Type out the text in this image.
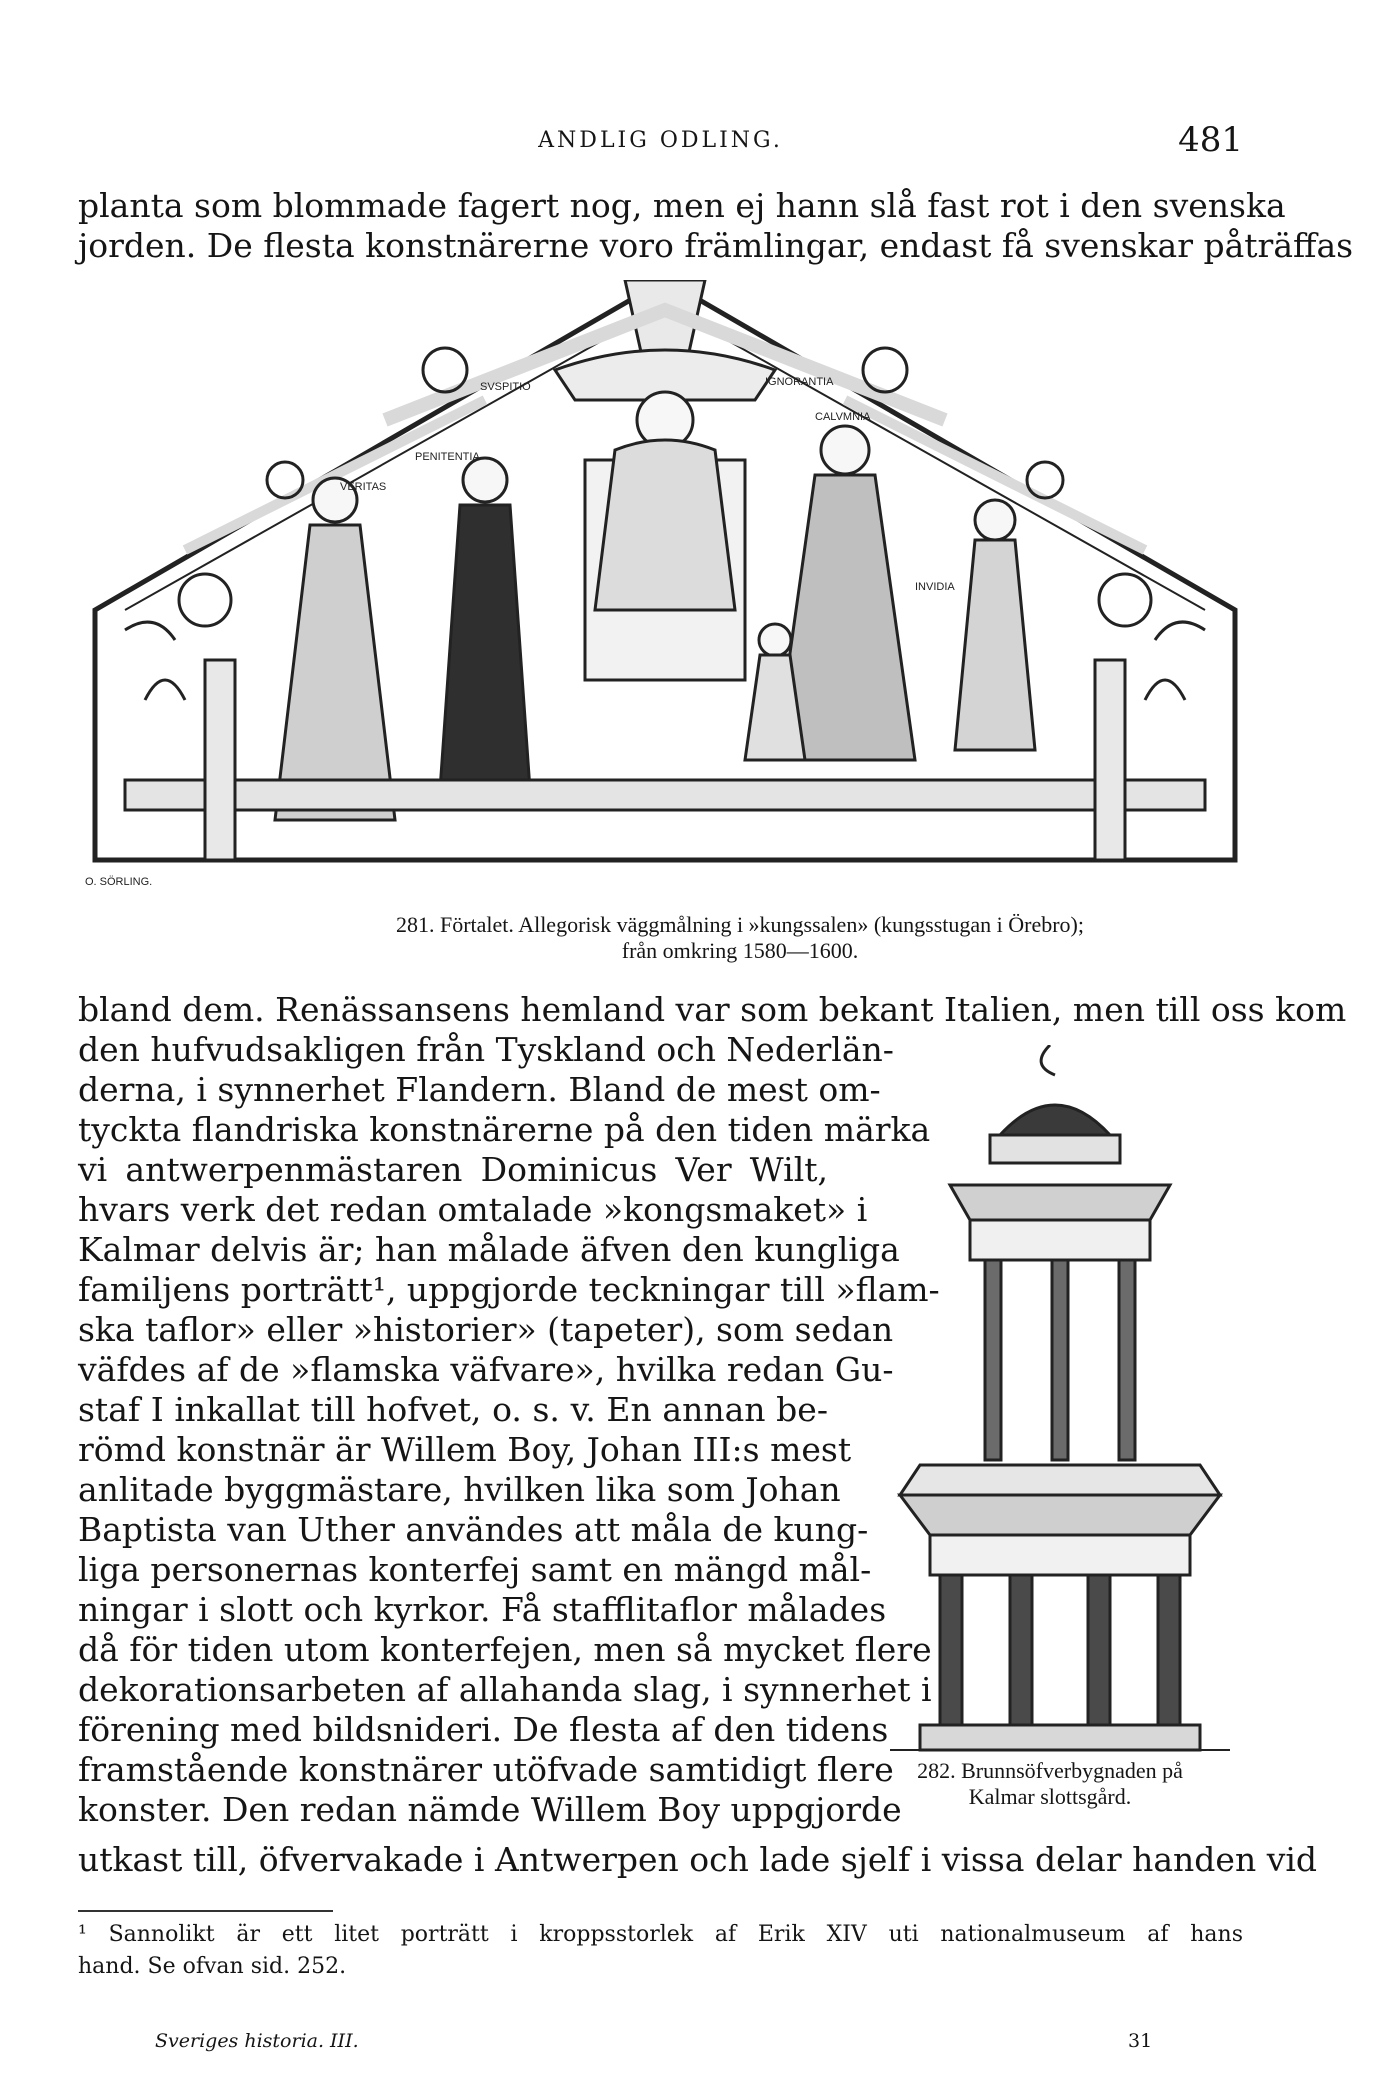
ANDLIG ODLING.	481
planta som blommade fagert nog, men ej hann slå fast rot i den svenska
jorden. De flesta konstnärerne voro främlingar, endast få svenskar påträffas
PENITENTIA
VERITAS
SVSPITIO	IGNORANTIA
INVIDIA
CALVMNIA
O. SÖRLING.
281. Förtalet. Allegorisk väggmålning i »kungssalen» (kungsstugan i Örebro);
från omkring 1580—1600.
bland dem. Renässansens hemland var som bekant Italien, men till oss kom
den hufvudsakligen från Tyskland och Nederlän-
derna, i synnerhet Flandern. Bland de mest om-
tyckta flandriska konstnärerne på den tiden märka
vi antwerpenmästaren Dominicus Ver Wilt,
hvars verk det redan omtalade »kongsmaket» i
Kalmar delvis är; han målade äfven den kungliga
familjens porträtt¹, uppgjorde teckningar till »flam-
ska taflor» eller »historier» (tapeter), som sedan
väfdes af de »flamska väfvare», hvilka redan Gu-
staf I inkallat till hofvet, o. s. v. En annan be-
römd konstnär är Willem Boy, Johan III:s mest
anlitade byggmästare, hvilken lika som Johan
Baptista van Uther användes att måla de kung-
liga personernas konterfej samt en mängd mål-
ningar i slott och kyrkor. Få stafflitaflor målades
då för tiden utom konterfejen, men så mycket flere
dekorationsarbeten af allahanda slag, i synnerhet i
förening med bildsnideri. De flesta af den tidens
framstående konstnärer utöfvade samtidigt flere
konster. Den redan nämde Willem Boy uppgjorde
282. Brunnsöfverbygnaden på
Kalmar slottsgård.
utkast till, öfvervakade i Antwerpen och lade sjelf i vissa delar handen vid
¹ Sannolikt är ett litet porträtt i kroppsstorlek af Erik XIV uti nationalmuseum af hans
hand. Se ofvan sid. 252.
Sveriges historia. III.	31
